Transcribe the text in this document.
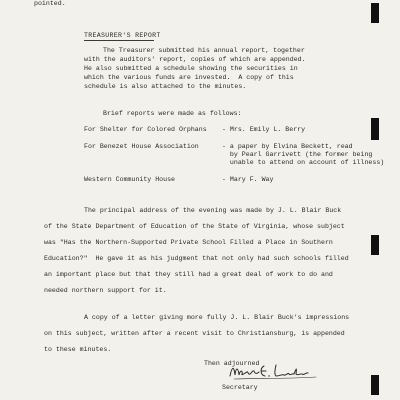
pointed.
TREASURER'S REPORT
The Treasurer submitted his annual report, together
with the auditors' report, copies of which are appended.
He also submitted a schedule showing the securities in
which the various funds are invested.  A copy of this
schedule is also attached to the minutes.
Brief reports were made as follows:
For Shelter for Colored Orphans - Mrs. Emily L. Berry
For Benezet House Association	- a paper by Elvina Beckett, read
by Pearl Garrivett (the former being
unable to attend on account of illness)
Western Community House	- Mary F. Way
The principal address of the evening was made by J. L. Blair Buck
of the State Department of Education of the State of Virginia, whose subject
was "Has the Northern-Supported Private School Filled a Place in Southern
Education?"  He gave it as his judgment that not only had such schools filled
an important place but that they still had a great deal of work to do and
needed northern support for it.
A copy of a letter giving more fully J. L. Blair Buck's impressions
on this subject, written after a recent visit to Christiansburg, is appended
to these minutes.
Then adjourned
Secretary
